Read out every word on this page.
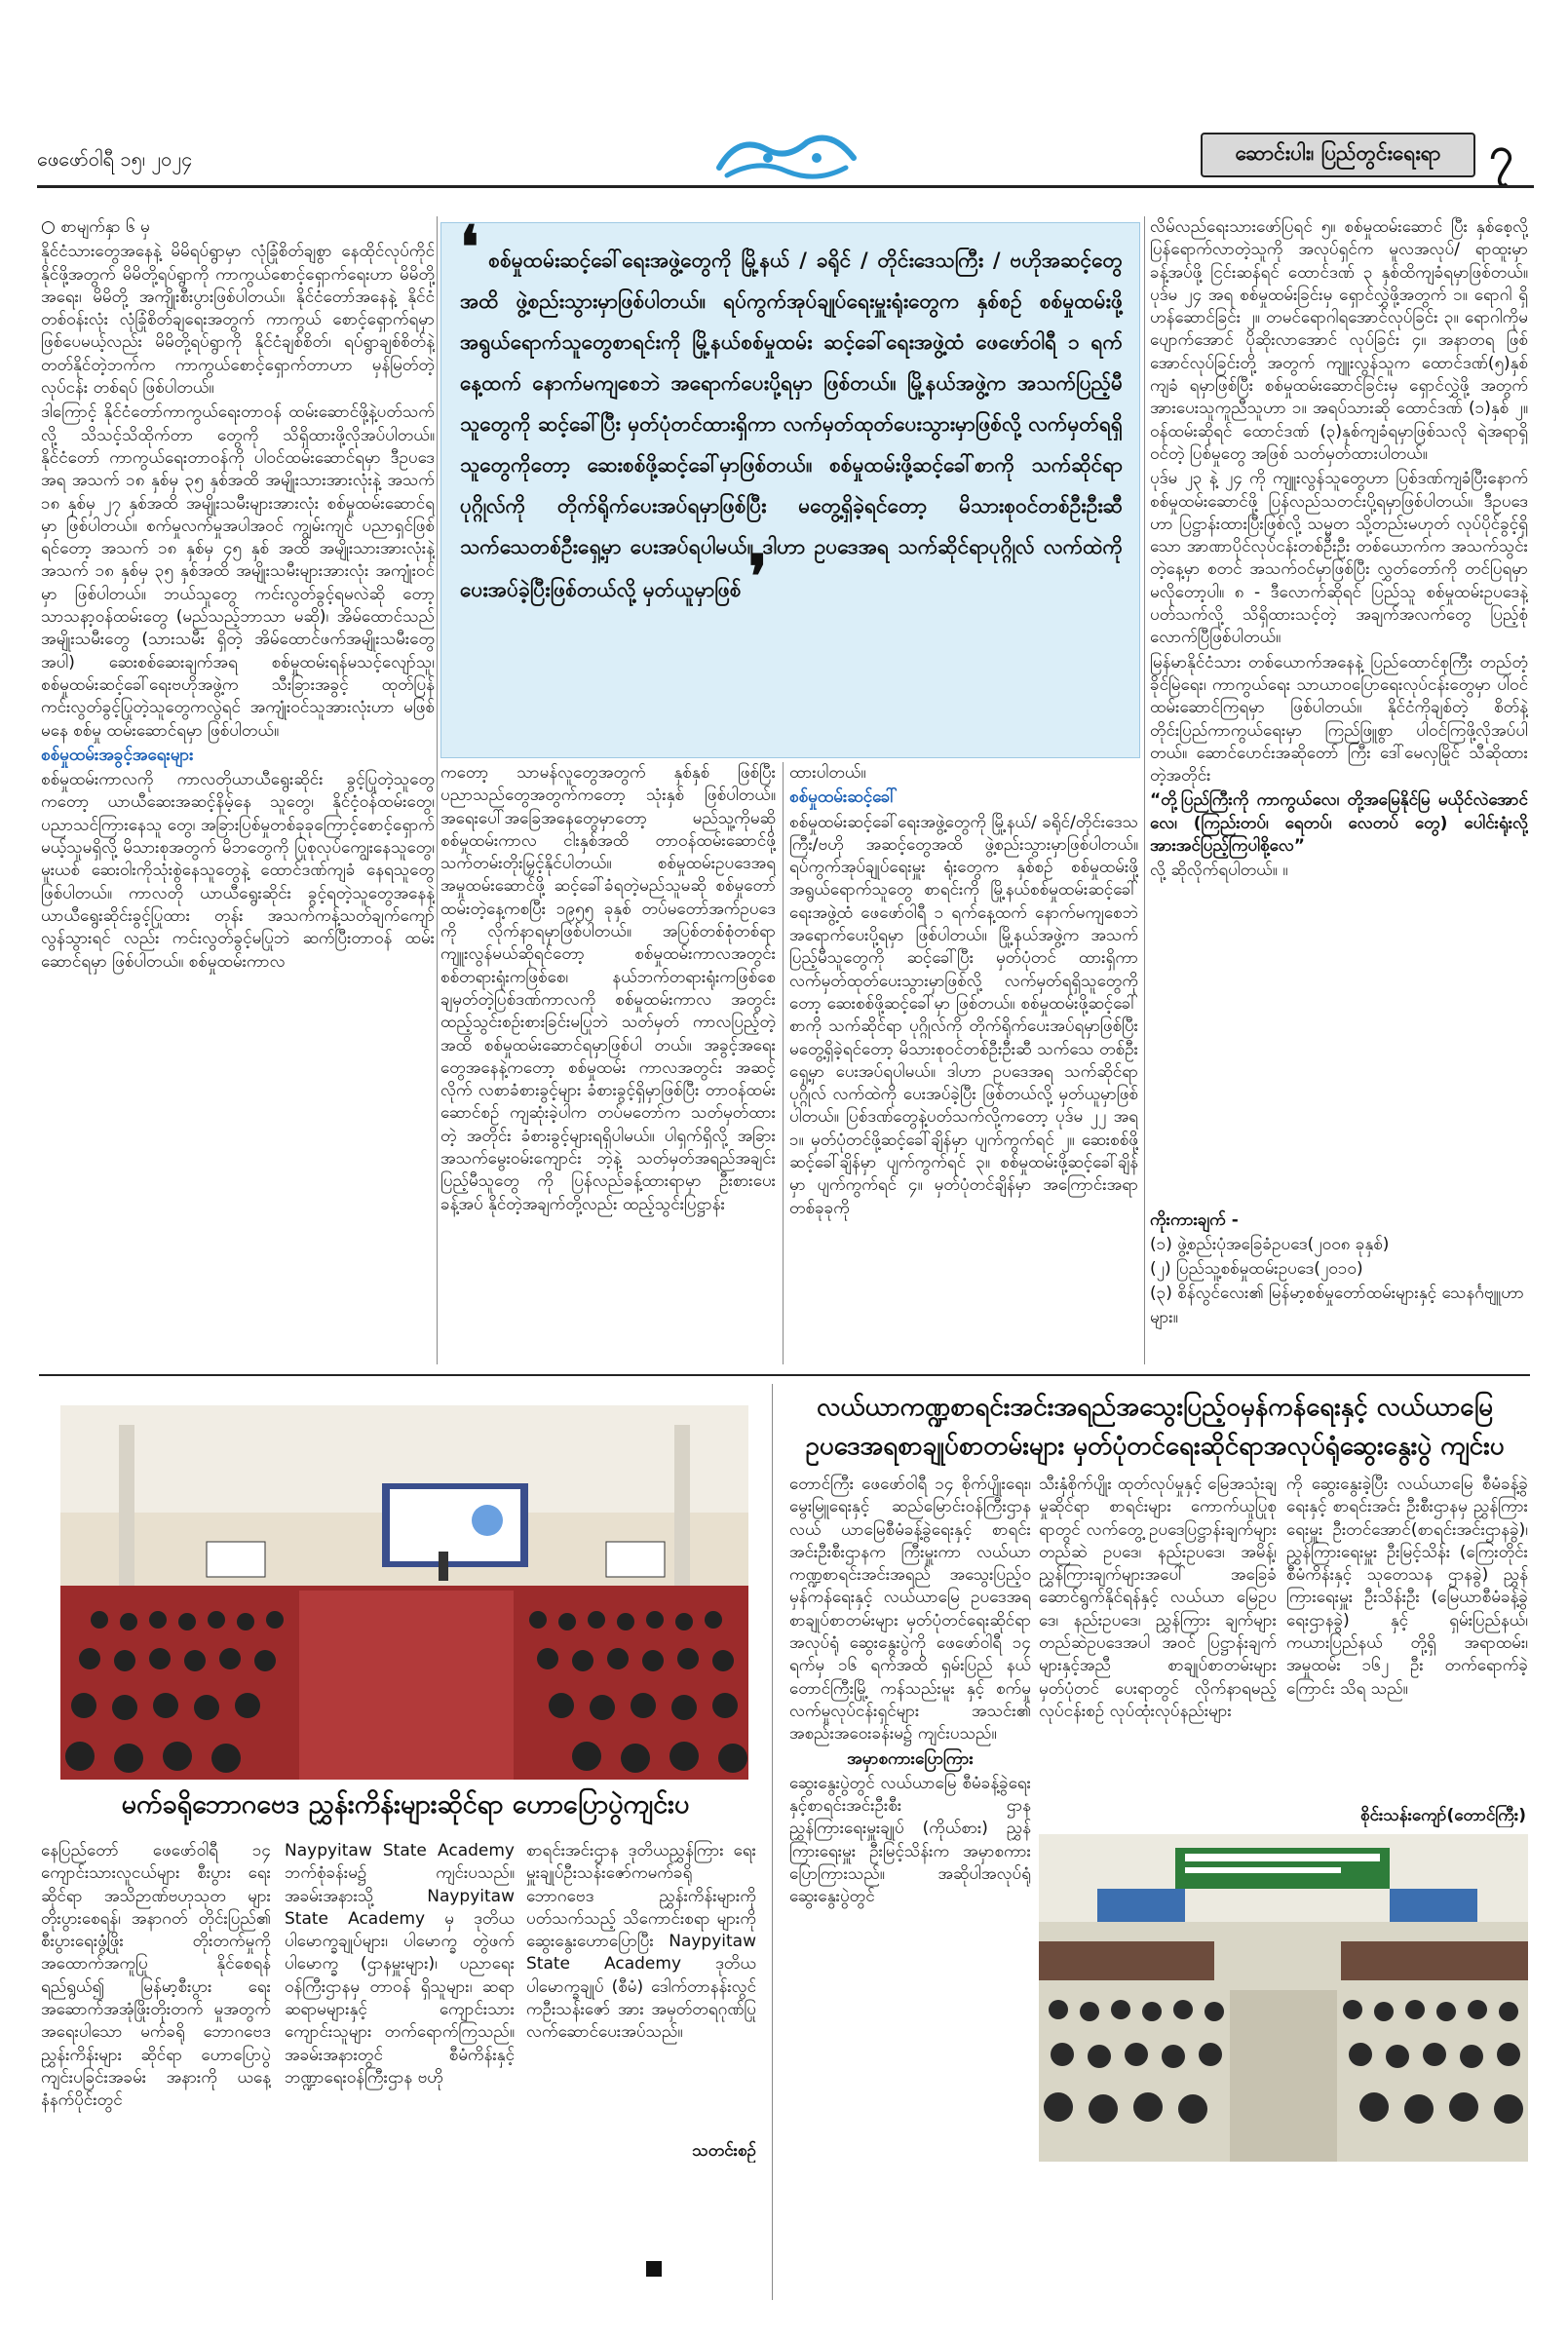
ဖေဖော်ဝါရီ ၁၅၊ ၂၀၂၄	ဆောင်းပါး၊ ပြည်တွင်းရေးရာ	၇

○ စာမျက်နှာ ၆ မှ

နိုင်ငံသားတွေအနေနဲ့ မိမိရပ်ရွာမှာ လုံခြုံစိတ်ချစွာ နေထိုင်လုပ်ကိုင်နိုင်ဖို့အတွက် မိမိတို့ရပ်ရွာကို ကာကွယ်စောင့်ရှောက်ရေးဟာ မိမိတို့အရေး၊ မိမိတို့ အကျိုးစီးပွားဖြစ်ပါတယ်။ နိုင်ငံတော်အနေနဲ့ နိုင်ငံ တစ်ဝန်းလုံး လုံခြုံစိတ်ချရေးအတွက် ကာကွယ် စောင့်ရှောက်ရမှာဖြစ်ပေမယ့်လည်း မိမိတို့ရပ်ရွာကို နိုင်ငံချစ်စိတ်၊ ရပ်ရွာချစ်စိတ်နဲ့ တတ်နိုင်တဲ့ဘက်က ကာကွယ်စောင့်ရှောက်တာဟာ မှန်မြတ်တဲ့လုပ်ငန်း တစ်ရပ် ဖြစ်ပါတယ်။

ဒါကြောင့် နိုင်ငံတော်ကာကွယ်ရေးတာဝန် ထမ်းဆောင်ဖို့နဲ့ပတ်သက်လို့ သိသင့်သိထိုက်တာ တွေကို သိရှိထားဖို့လိုအပ်ပါတယ်။ နိုင်ငံတော် ကာကွယ်ရေးတာဝန်ကို ပါဝင်ထမ်းဆောင်ရမှာ ဒီဥပဒေအရ အသက် ၁၈ နှစ်မှ ၃၅ နှစ်အထိ အမျိုးသားအားလုံးနဲ့ အသက် ၁၈ နှစ်မှ ၂၇ နှစ်အထိ အမျိုးသမီးများအားလုံး စစ်မှုထမ်းဆောင်ရမှာ ဖြစ်ပါတယ်။ စက်မှုလက်မှုအပါအဝင် ကျွမ်းကျင် ပညာရှင်ဖြစ်ရင်တော့ အသက် ၁၈ နှစ်မှ ၄၅ နှစ် အထိ အမျိုးသားအားလုံးနဲ့ အသက် ၁၈ နှစ်မှ ၃၅ နှစ်အထိ အမျိုးသမီးများအားလုံး အကျုံးဝင်မှာ ဖြစ်ပါတယ်။ ဘယ်သူတွေ ကင်းလွတ်ခွင့်ရမလဲဆို တော့ သာသနာ့ဝန်ထမ်းတွေ (မည်သည့်ဘာသာ မဆို)၊ အိမ်ထောင်သည်အမျိုးသမီးတွေ (သားသမီး ရှိတဲ့ အိမ်ထောင်ဖက်အမျိုးသမီးတွေအပါ) ဆေးစစ်ဆေးချက်အရ စစ်မှုထမ်းရန်မသင့်လျော်သူ၊ စစ်မှုထမ်းဆင့်ခေါ်ရေးဗဟိုအဖွဲ့က သီးခြားအခွင့် ထုတ်ပြန် ကင်းလွတ်ခွင့်ပြုတဲ့သူတွေကလွဲရင် အကျုံးဝင်သူအားလုံးဟာ မဖြစ်မနေ စစ်မှု ထမ်းဆောင်ရမှာ ဖြစ်ပါတယ်။

စစ်မှုထမ်းအခွင့်အရေးများ

စစ်မှုထမ်းကာလကို ကာလတိုယာယီရွေးဆိုင်း ခွင့်ပြုတဲ့သူတွေကတော့ ယာယီဆေးအဆင့်နိမ့်နေ သူတွေ၊ နိုင်ငံ့ဝန်ထမ်းတွေ၊ ပညာသင်ကြားနေသူ တွေ၊ အခြားပြစ်မှုတစ်ခုခုကြောင့်စောင့်ရှောက်မယ့်သူမရှိလို့ မိသားစုအတွက် မိဘတွေကို ပြုစုလုပ်ကျွေးနေသူတွေ၊ မူးယစ် ဆေးဝါးကိုသုံးစွဲနေသူတွေနဲ့ ထောင်ဒဏ်ကျခံ နေရသူတွေ ဖြစ်ပါတယ်။ ကာလတို ယာယီရွေးဆိုင်း ခွင့်ရတဲ့သူတွေအနေနဲ့ ယာယီရွေးဆိုင်းခွင့်ပြုထား တုန်း အသက်ကန့်သတ်ချက်ကျော်လွန်သွားရင် လည်း ကင်းလွတ်ခွင့်မပြုဘဲ ဆက်ပြီးတာဝန် ထမ်းဆောင်ရမှာ ဖြစ်ပါတယ်။ စစ်မှုထမ်းကာလ

❛ စစ်မှုထမ်းဆင့်ခေါ်ရေးအဖွဲ့တွေကို မြို့နယ် / ခရိုင် / တိုင်းဒေသကြီး / ဗဟိုအဆင့်တွေအထိ ဖွဲ့စည်းသွားမှာဖြစ်ပါတယ်။ ရပ်ကွက်အုပ်ချုပ်ရေးမှူးရုံးတွေက နှစ်စဉ် စစ်မှုထမ်းဖို့ အရွယ်ရောက်သူတွေစာရင်းကို မြို့နယ်စစ်မှုထမ်း ဆင့်ခေါ်ရေးအဖွဲ့ထံ ဖေဖော်ဝါရီ ၁ ရက်နေ့ထက် နောက်မကျစေဘဲ အရောက်ပေးပို့ရမှာ ဖြစ်တယ်။ မြို့နယ်အဖွဲ့က အသက်ပြည့်မီသူတွေကို ဆင့်ခေါ်ပြီး မှတ်ပုံတင်ထားရှိကာ လက်မှတ်ထုတ်ပေးသွားမှာဖြစ်လို့ လက်မှတ်ရရှိသူတွေကိုတော့ ဆေးစစ်ဖို့ဆင့်ခေါ်မှာဖြစ်တယ်။ စစ်မှုထမ်းဖို့ဆင့်ခေါ်စာကို သက်ဆိုင်ရာပုဂ္ဂိုလ်ကို တိုက်ရိုက်ပေးအပ်ရမှာဖြစ်ပြီး မတွေ့ရှိခဲ့ရင်တော့ မိသားစုဝင်တစ်ဦးဦးဆီ သက်သေတစ်ဦးရှေ့မှာ ပေးအပ်ရပါမယ်။ ဒါဟာ ဥပဒေအရ သက်ဆိုင်ရာပုဂ္ဂိုလ် လက်ထဲကို ပေးအပ်ခဲ့ပြီးဖြစ်တယ်လို့ မှတ်ယူမှာဖြစ် ❜

ကတော့ သာမန်လူတွေအတွက် နှစ်နှစ် ဖြစ်ပြီး ပညာသည်တွေအတွက်ကတော့ သုံးနှစ် ဖြစ်ပါတယ်။ အရေးပေါ်အခြေအနေတွေမှာတော့ မည်သူ့ကိုမဆို စစ်မှုထမ်းကာလ ငါးနှစ်အထိ တာဝန်ထမ်းဆောင်ဖို့ သက်တမ်းတိုးမြှင့်နိုင်ပါတယ်။ စစ်မှုထမ်းဥပဒေအရ အမှုထမ်းဆောင်ဖို့ ဆင့်ခေါ်ခံရတဲ့မည်သူမဆို စစ်မှုတော်ထမ်းတဲ့နေ့ကစပြီး ၁၉၅၅ ခုနှစ် တပ်မတော်အက်ဥပဒေကို လိုက်နာရမှာဖြစ်ပါတယ်။ အပြစ်တစ်စုံတစ်ရာ ကျူးလွန်မယ်ဆိုရင်တော့ စစ်မှုထမ်းကာလအတွင်း စစ်တရားရုံးကဖြစ်စေ၊ နယ်ဘက်တရားရုံးကဖြစ်စေ ချမှတ်တဲ့ပြစ်ဒဏ်ကာလကို စစ်မှုထမ်းကာလ အတွင်း ထည့်သွင်းစဉ်းစားခြင်းမပြုဘဲ သတ်မှတ် ကာလပြည့်တဲ့အထိ စစ်မှုထမ်းဆောင်ရမှာဖြစ်ပါ တယ်။ အခွင့်အရေးတွေအနေနဲ့ကတော့ စစ်မှုထမ်း ကာလအတွင်း အဆင့်လိုက် လစာခံစားခွင့်များ ခံစားခွင့်ရှိမှာဖြစ်ပြီး တာဝန်ထမ်းဆောင်စဉ် ကျဆုံးခဲ့ပါက တပ်မတော်က သတ်မှတ်ထားတဲ့ အတိုင်း ခံစားခွင့်များရရှိပါမယ်။ ပါရှက်ရှိလို့ အခြားအသက်မွေးဝမ်းကျောင်း ဘဲ့နဲ့ သတ်မှတ်အရည်အချင်းပြည့်မီသူတွေ ကို ပြန်လည်ခန့်ထားရာမှာ ဦးစားပေး ခန့်အပ် နိုင်တဲ့အချက်တို့လည်း ထည့်သွင်းပြဋ္ဌာန်း

ထားပါတယ်။

စစ်မှုထမ်းဆင့်ခေါ်

စစ်မှုထမ်းဆင့်ခေါ်ရေးအဖွဲ့တွေကို မြို့နယ်/ ခရိုင်/တိုင်းဒေသကြီး/ဗဟို အဆင့်တွေအထိ ဖွဲ့စည်းသွားမှာဖြစ်ပါတယ်။ ရပ်ကွက်အုပ်ချုပ်ရေးမှူး ရုံးတွေက နှစ်စဉ် စစ်မှုထမ်းဖို့ အရွယ်ရောက်သူတွေ စာရင်းကို မြို့နယ်စစ်မှုထမ်းဆင့်ခေါ်ရေးအဖွဲ့ထံ ဖေဖော်ဝါရီ ၁ ရက်နေ့ထက် နောက်မကျစေဘဲ အရောက်ပေးပို့ရမှာ ဖြစ်ပါတယ်။ မြို့နယ်အဖွဲ့က အသက်ပြည့်မီသူတွေကို ဆင့်ခေါ်ပြီး မှတ်ပုံတင် ထားရှိကာ လက်မှတ်ထုတ်ပေးသွားမှာဖြစ်လို့ လက်မှတ်ရရှိသူတွေကိုတော့ ဆေးစစ်ဖို့ဆင့်ခေါ်မှာ ဖြစ်တယ်။ စစ်မှုထမ်းဖို့ဆင့်ခေါ်စာကို သက်ဆိုင်ရာ ပုဂ္ဂိုလ်ကို တိုက်ရိုက်ပေးအပ်ရမှာဖြစ်ပြီး မတွေ့ရှိခဲ့ရင်တော့ မိသားစုဝင်တစ်ဦးဦးဆီ သက်သေ တစ်ဦးရှေ့မှာ ပေးအပ်ရပါမယ်။ ဒါဟာ ဥပဒေအရ သက်ဆိုင်ရာပုဂ္ဂိုလ် လက်ထဲကို ပေးအပ်ခဲ့ပြီး ဖြစ်တယ်လို့ မှတ်ယူမှာဖြစ်ပါတယ်။ ပြစ်ဒဏ်တွေနဲ့ပတ်သက်လို့ကတော့ ပုဒ်မ ၂၂ အရ ၁။ မှတ်ပုံတင်ဖို့ဆင့်ခေါ်ချိန်မှာ ပျက်ကွက်ရင် ၂။ ဆေးစစ်ဖို့ဆင့်ခေါ်ချိန်မှာ ပျက်ကွက်ရင် ၃။ စစ်မှုထမ်းဖို့ဆင့်ခေါ်ချိန်မှာ ပျက်ကွက်ရင် ၄။ မှတ်ပုံတင်ချိန်မှာ အကြောင်းအရာတစ်ခုခုကို

လိမ်လည်ရေးသားဖော်ပြရင် ၅။ စစ်မှုထမ်းဆောင် ပြီး နှစ်စေ့လို့ပြန်ရောက်လာတဲ့သူကို အလုပ်ရှင်က မူလအလုပ်/ ရာထူးမှာ ခန့်အပ်ဖို့ ငြင်းဆန်ရင် ထောင်ဒဏ် ၃ နှစ်ထိကျခံရမှာဖြစ်တယ်။ ပုဒ်မ ၂၄ အရ စစ်မှုထမ်းခြင်းမှ ရှောင်လွှဲဖို့အတွက် ၁။ ရောဂါ ရှိဟန်ဆောင်ခြင်း ၂။ တမင်ရောဂါရအောင်လုပ်ခြင်း ၃။ ရောဂါကိုမပျောက်အောင် ပိုဆိုးလာအောင် လုပ်ခြင်း ၄။ အနာတရ ဖြစ်အောင်လုပ်ခြင်းတို့ အတွက် ကျူးလွန်သူက ထောင်ဒဏ်(၅)နှစ်ကျခံ ရမှာဖြစ်ပြီး စစ်မှုထမ်းဆောင်ခြင်းမှ ရှောင်လွှဲဖို့ အတွက် အားပေးသူကူညီသူဟာ ၁။ အရပ်သားဆို ထောင်ဒဏ် (၁)နှစ် ၂။ ဝန်ထမ်းဆိုရင် ထောင်ဒဏ် (၃)နှစ်ကျခံရမှာဖြစ်သလို ရဲအရာရှိဝင်တဲ့ ပြစ်မှုတွေ အဖြစ် သတ်မှတ်ထားပါတယ်။

ပုဒ်မ ၂၃ နဲ့ ၂၄ ကို ကျူးလွန်သူတွေဟာ ပြစ်ဒဏ်ကျခံပြီးနောက် စစ်မှုထမ်းဆောင်ဖို့ ပြန်လည်သတင်းပို့ရမှာဖြစ်ပါတယ်။ ဒီဥပဒေဟာ ပြဋ္ဌာန်းထားပြီးဖြစ်လို့ သမ္မတ သို့တည်းမဟုတ် လုပ်ပိုင်ခွင့်ရှိသော အာဏာပိုင်လုပ်ငန်းတစ်ဦးဦး တစ်ယောက်က အသက်သွင်းတဲ့နေ့မှာ စတင် အသက်ဝင်မှာဖြစ်ပြီး လွှတ်တော်ကို တင်ပြရမှာ မလိုတော့ပါ။ ၈ - ဒီလောက်ဆိုရင် ပြည်သူ စစ်မှုထမ်းဥပဒေနဲ့ပတ်သက်လို့ သိရှိထားသင့်တဲ့ အချက်အလက်တွေ ပြည့်စုံလောက်ပြီဖြစ်ပါတယ်။

မြန်မာနိုင်ငံသား တစ်ယောက်အနေနဲ့ ပြည်ထောင်စုကြီး တည်တံ့ခိုင်မြဲရေး၊ ကာကွယ်ရေး သာယာဝပြောရေးလုပ်ငန်းတွေမှာ ပါဝင် ထမ်းဆောင်ကြရမှာ ဖြစ်ပါတယ်။ နိုင်ငံကိုချစ်တဲ့ စိတ်နဲ့ တိုင်းပြည်ကာကွယ်ရေးမှာ ကြည်ဖြူစွာ ပါဝင်ကြဖို့လိုအပ်ပါတယ်။ ဆောင်ပောင်းအဆိုတော် ကြီး ဒေါ်မေလှမြိုင် သီဆိုထားတဲ့အတိုင်း

“တို့ပြည်ကြီးကို ကာကွယ်လေ၊ တို့အမြေနိုင်မြ မယိုင်လဲအောင်လေ၊ (ကြည်းတပ်၊ ရေတပ်၊ လေတပ် တွေ) ပေါင်းရုံးလို့ အားအင်ပြည့်ကြပါစို့လေ”

လို့ ဆိုလိုက်ရပါတယ်။ ။

ကိုးကားချက် -
(၁) ဖွဲ့စည်းပုံအခြေခံဥပဒေ(၂၀၀၈ ခုနှစ်)
(၂) ပြည်သူ့စစ်မှုထမ်းဥပဒေ(၂၀၁၀)
(၃) စိန်လွင်လေး၏ မြန်မာ့စစ်မှုတော်ထမ်းများနှင့် သေနင်္ဂဗျူဟာများ။
မက်ခရိုဘောဂဗေဒ ညွှန်းကိန်းများဆိုင်ရာ ဟောပြောပွဲကျင်းပ

နေပြည်တော် ဖေဖော်ဝါရီ ၁၄ ကျောင်းသားလူငယ်များ စီးပွား ရေးဆိုင်ရာ အသိဉာဏ်ဗဟုသုတ များ တိုးပွားစေရန်၊ အနာဂတ် တိုင်းပြည်၏ စီးပွားရေးဖွံ့ဖြိုး တိုးတက်မှုကို အထောက်အကူပြု နိုင်စေရန် ရည်ရွယ်၍ မြန်မာ့စီးပွား ရေးအဆောက်အအုံဖြိုးတိုးတက် မှုအတွက် အရေးပါသော မက်ခရို ဘောဂဗေဒ ညွှန်းကိန်းများ ဆိုင်ရာ ဟောပြောပွဲကျင်းပခြင်းအခမ်း အနားကို ယနေ့နံနက်ပိုင်းတွင်

Naypyitaw State Academy ဘက်စုံခန်းမ၌ ကျင်းပသည်။ အခမ်းအနားသို့ Naypyitaw State Academy မှ ဒုတိယ ပါမောက္ခချုပ်များ၊ ပါမောက္ခ တွဲဖက်ပါမောက္ခ (ဌာနမှူးများ)၊ ပညာရေးဝန်ကြီးဌာနမှ တာဝန် ရှိသူများ၊ ဆရာ ဆရာမများနှင့် ကျောင်းသား ကျောင်းသူများ တက်ရောက်ကြသည်။ အခမ်းအနားတွင် စီမံကိန်းနှင့် ဘဏ္ဍာရေးဝန်ကြီးဌာန ဗဟို

စာရင်းအင်းဌာန ဒုတိယညွှန်ကြား ရေးမှူးချုပ်ဦးသန်းဇော်ကမက်ခရို ဘောဂဗေဒ ညွှန်းကိန်းများကို ပတ်သက်သည့် သိကောင်းစရာ များကို ဆွေးနွေးဟောပြောပြီး Naypyitaw State Academy ဒုတိယပါမောက္ခချုပ် (စီမံ) ဒေါက်တာနန်းလွင်ကဦးသန်းဇော် အား အမှတ်တရဂုဏ်ပြု လက်ဆောင်ပေးအပ်သည်။

သတင်းစဉ်
လယ်ယာကဏ္ဍစာရင်းအင်းအရည်အသွေးပြည့်ဝမှန်ကန်ရေးနှင့် လယ်ယာမြေ
ဥပဒေအရစာချုပ်စာတမ်းများ မှတ်ပုံတင်ရေးဆိုင်ရာအလုပ်ရုံဆွေးနွေးပွဲ ကျင်းပ

တောင်ကြီး ဖေဖော်ဝါရီ ၁၄ စိုက်ပျိုးရေး၊ မွေးမြူရေးနှင့် ဆည်မြောင်းဝန်ကြီးဌာန လယ် ယာမြေစီမံခန့်ခွဲရေးနှင့် စာရင်း အင်းဦးစီးဌာနက ကြီးမှူးကာ လယ်ယာကဏ္ဍစာရင်းအင်းအရည် အသွေးပြည့်ဝမှန်ကန်ရေးနှင့် လယ်ယာမြေ ဥပဒေအရ စာချုပ်စာတမ်းများ မှတ်ပုံတင်ရေးဆိုင်ရာ အလုပ်ရုံ ဆွေးနွေးပွဲကို ဖေဖော်ဝါရီ ၁၄ ရက်မှ ၁၆ ရက်အထိ ရှမ်းပြည် နယ် တောင်ကြီးမြို့ ကန်သည်းမူး နှင့် စက်မှုလက်မှုလုပ်ငန်းရှင်များ အသင်း၏ အစည်းအဝေးခန်းမ၌ ကျင်းပသည်။

အမှာစကားပြောကြား

ဆွေးနွေးပွဲတွင် လယ်ယာမြေ စီမံခန့်ခွဲရေးနှင့်စာရင်းအင်းဦးစီး ဌာန ညွှန်ကြားရေးမှူးချုပ် (ကိုယ်စား) ညွှန်ကြားရေးမှူး ဦးမြင့်သိန်းက အမှာစကား ပြောကြားသည်။ အဆိုပါအလုပ်ရုံဆွေးနွေးပွဲတွင်

သီးနှံစိုက်ပျိုး ထုတ်လုပ်မှုနှင့် မြေအသုံးချမှုဆိုင်ရာ စာရင်းများ ကောက်ယူပြုစုရာတွင် လက်တွေ့ ဥပဒေပြဋ္ဌာန်းချက်များ တည်ဆဲ ဥပဒေ၊ နည်းဥပဒေ၊ အမိန့်၊ ညွှန်ကြားချက်များအပေါ် အခြေခံ ဆောင်ရွက်နိုင်ရန်နှင့် လယ်ယာ မြေဥပဒေ၊ နည်းဥပဒေ၊ ညွှန်ကြား ချက်များ တည်ဆဲဥပဒေအပါ အဝင် ပြဋ္ဌာန်းချက်များနှင့်အညီ စာချုပ်စာတမ်းများ မှတ်ပုံတင် ပေးရာတွင် လိုက်နာရမည့် လုပ်ငန်းစဉ် လုပ်ထုံးလုပ်နည်းများ

ကို ဆွေးနွေးခဲ့ပြီး လယ်ယာမြေ စီမံခန့်ခွဲရေးနှင့် စာရင်းအင်း ဦးစီးဌာနမှ ညွှန်ကြားရေးမှူး ဦးတင်အောင်(စာရင်းအင်းဌာနခွဲ)၊ ညွှန်ကြားရေးမှူး ဦးမြင့်သိန်း (ကြေးတိုင်းစီမံကိန်းနှင့် သုတေသန ဌာနခွဲ) ညွှန်ကြားရေးမှူး ဦးသိန်းဦး (မြေယာစီမံခန့်ခွဲရေးဌာနခွဲ) နှင့် ရှမ်းပြည်နယ်၊ ကယားပြည်နယ် တို့ရှိ အရာထမ်း၊ အမှုထမ်း ၁၆၂ ဦး တက်ရောက်ခဲ့ကြောင်း သိရ သည်။

စိုင်းသန်းကျော်(တောင်ကြီး)
